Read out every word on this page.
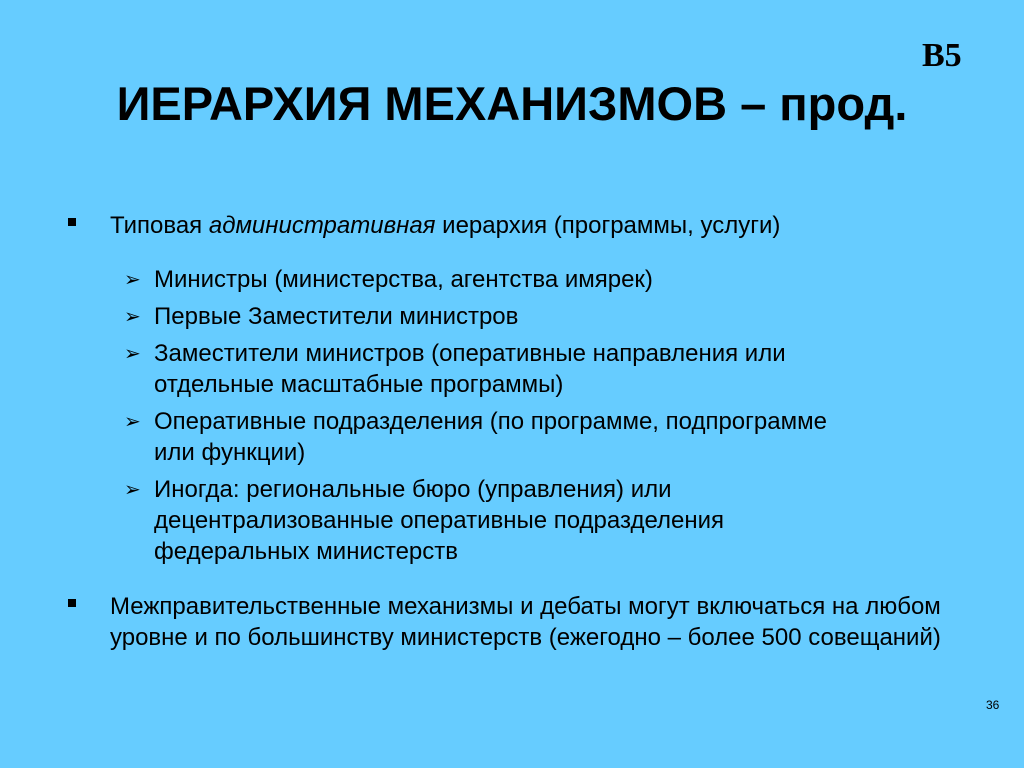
B5
ИЕРАРХИЯ МЕХАНИЗМОВ – прод.
Типовая административная иерархия (программы, услуги)
➢ Министры (министерства, агентства имярек)
➢ Первые Заместители министров
➢ Заместители министров (оперативные направления или
отдельные масштабные программы)
➢ Оперативные подразделения (по программе, подпрограмме
или функции)
➢ Иногда: региональные бюро (управления) или
децентрализованные оперативные подразделения
федеральных министерств
Межправительственные механизмы и дебаты могут включаться на любом уровне и по большинству министерств (ежегодно – более 500 совещаний)
36
